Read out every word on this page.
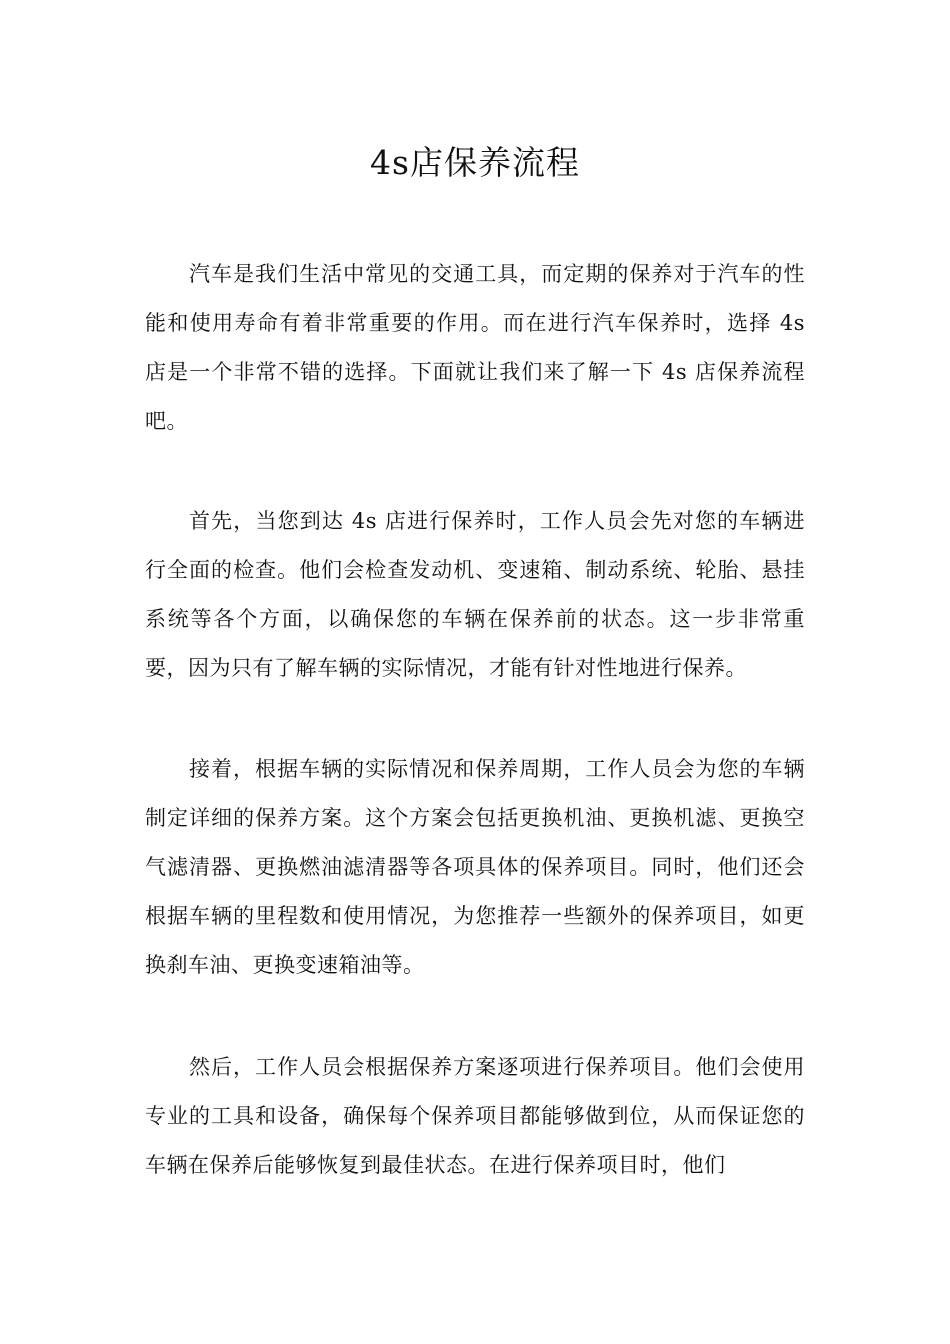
4s店保养流程

汽车是我们生活中常见的交通工具，而定期的保养对于汽车的性能和使用寿命有着非常重要的作用。而在进行汽车保养时，选择 4s 店是一个非常不错的选择。下面就让我们来了解一下 4s 店保养流程吧。

首先，当您到达 4s 店进行保养时，工作人员会先对您的车辆进行全面的检查。他们会检查发动机、变速箱、制动系统、轮胎、悬挂系统等各个方面，以确保您的车辆在保养前的状态。这一步非常重要，因为只有了解车辆的实际情况，才能有针对性地进行保养。

接着，根据车辆的实际情况和保养周期，工作人员会为您的车辆制定详细的保养方案。这个方案会包括更换机油、更换机滤、更换空气滤清器、更换燃油滤清器等各项具体的保养项目。同时，他们还会根据车辆的里程数和使用情况，为您推荐一些额外的保养项目，如更换刹车油、更换变速箱油等。

然后，工作人员会根据保养方案逐项进行保养项目。他们会使用专业的工具和设备，确保每个保养项目都能够做到位，从而保证您的车辆在保养后能够恢复到最佳状态。在进行保养项目时，他们
